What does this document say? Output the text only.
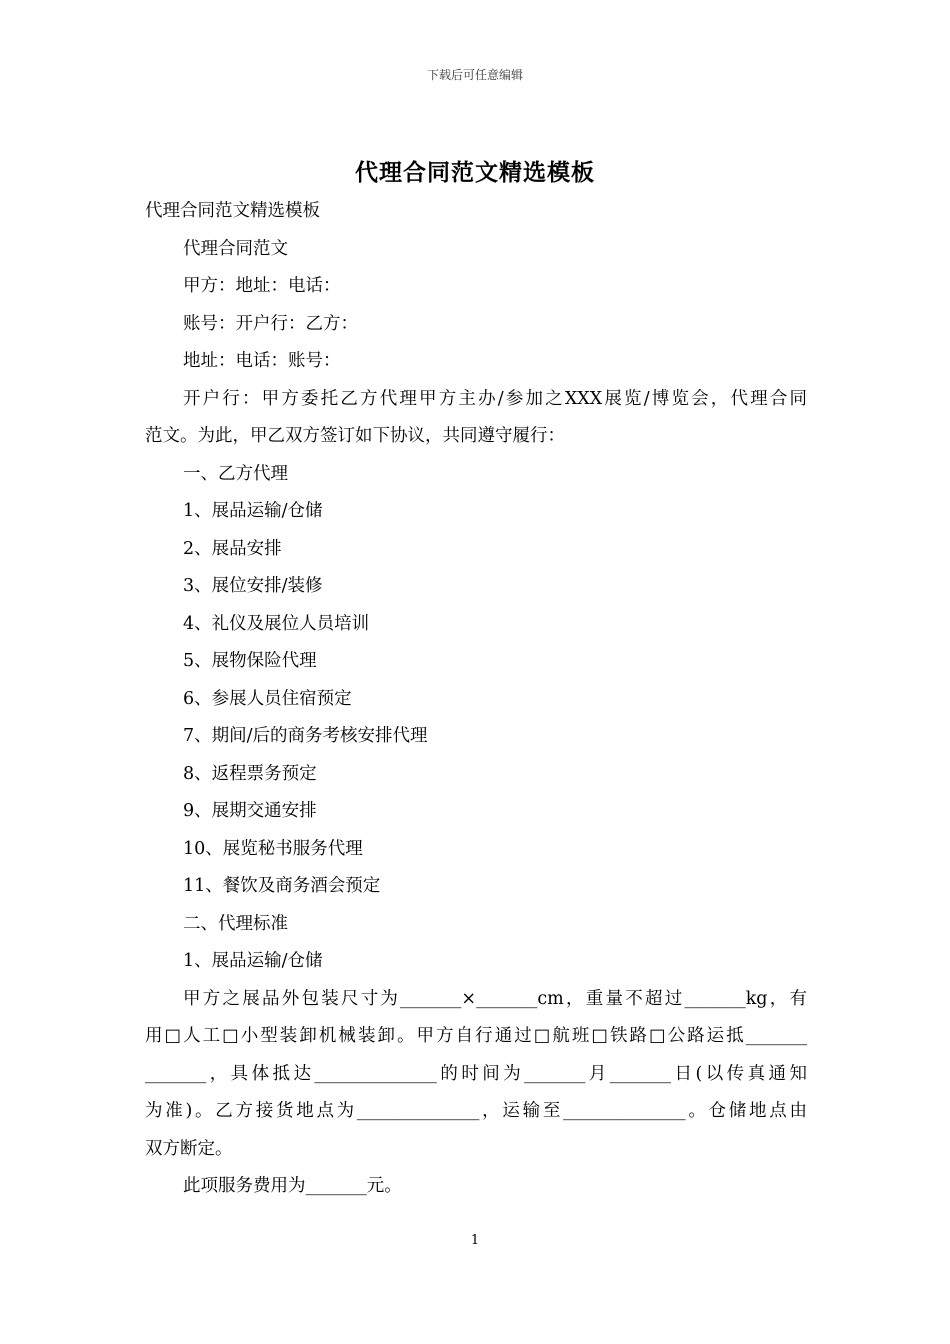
下载后可任意编辑
代理合同范文精选模板

代理合同范文精选模板

代理合同范文

甲方：地址：电话：

账号：开户行：乙方：

地址：电话：账号：

开户行：甲方委托乙方代理甲方主办/参加之XXX展览/博览会，代理合同

范文。为此，甲乙双方签订如下协议，共同遵守履行：

一、乙方代理

1、展品运输/仓储

2、展品安排

3、展位安排/装修

4、礼仪及展位人员培训

5、展物保险代理

6、参展人员住宿预定

7、期间/后的商务考核安排代理

8、返程票务预定

9、展期交通安排

10、展览秘书服务代理

11、餐饮及商务酒会预定

二、代理标准

1、展品运输/仓储

甲方之展品外包装尺寸为_______×_______cm，重量不超过_______kg，有

用□人工□小型装卸机械装卸。甲方自行通过□航班□铁路□公路运抵_______

_______，具体抵达______________的时间为_______月_______日(以传真通知

为准)。乙方接货地点为______________，运输至______________。仓储地点由

双方断定。

此项服务费用为_______元。

1
